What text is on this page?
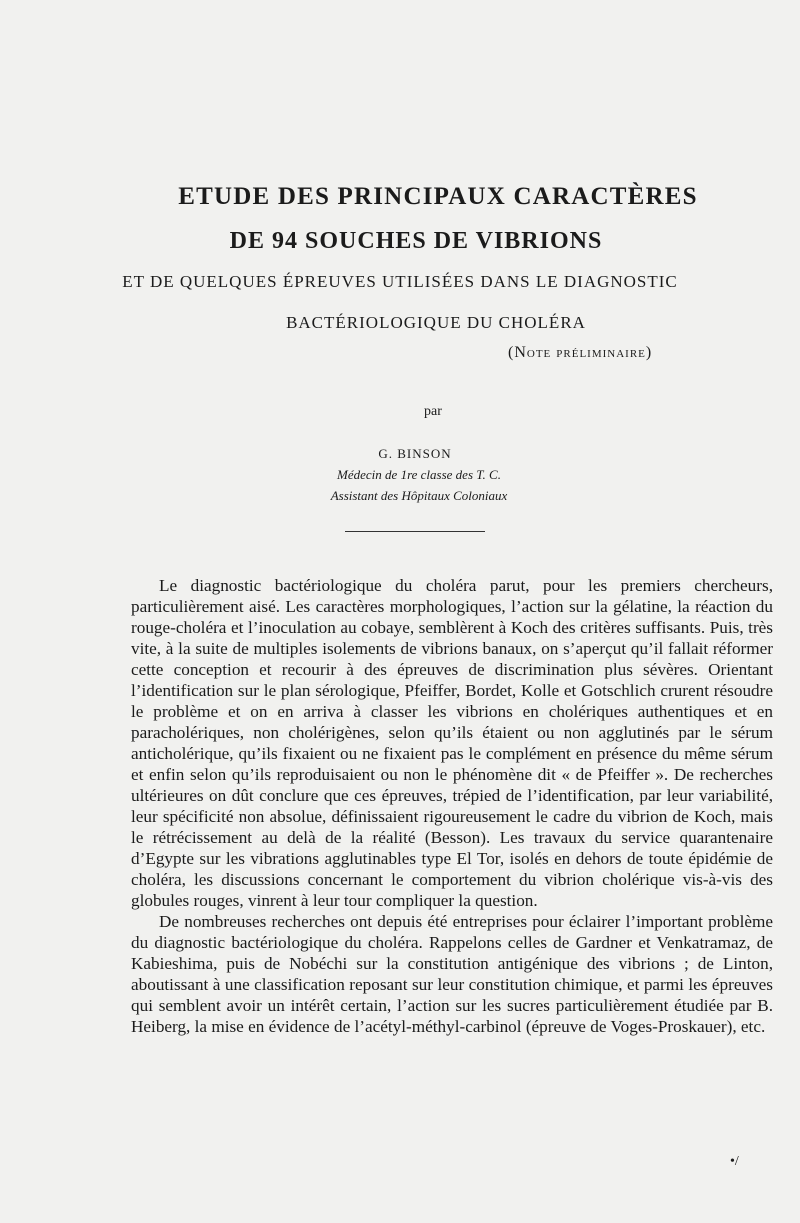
ETUDE DES PRINCIPAUX CARACTÈRES
DE 94 SOUCHES DE VIBRIONS
ET DE QUELQUES ÉPREUVES UTILISÉES DANS LE DIAGNOSTIC
BACTÉRIOLOGIQUE DU CHOLÉRA
(Note préliminaire)
par
G. BINSON
Médecin de 1re classe des T. C.
Assistant des Hôpitaux Coloniaux

Le diagnostic bactériologique du choléra parut, pour les premiers chercheurs, particulièrement aisé. Les caractères morphologiques, l’action sur la gélatine, la réaction du rouge-choléra et l’inoculation au cobaye, semblèrent à Koch des critères suffisants. Puis, très vite, à la suite de multiples isolements de vibrions banaux, on s’aperçut qu’il fallait réformer cette conception et recourir à des épreuves de discrimination plus sévères. Orientant l’identification sur le plan sérologique, Pfeiffer, Bordet, Kolle et Gotschlich crurent résoudre le problème et on en arriva à classer les vibrions en cholériques authentiques et en paracholériques, non cholérigènes, selon qu’ils étaient ou non agglutinés par le sérum anticholérique, qu’ils fixaient ou ne fixaient pas le complément en présence du même sérum et enfin selon qu’ils reproduisaient ou non le phénomène dit « de Pfeiffer ». De recherches ultérieures on dût conclure que ces épreuves, trépied de l’identification, par leur variabilité, leur spécificité non absolue, définissaient rigoureusement le cadre du vibrion de Koch, mais le rétrécissement au delà de la réalité (Besson). Les travaux du service quarantenaire d’Egypte sur les vibrations agglutinables type El Tor, isolés en dehors de toute épidémie de choléra, les discussions concernant le comportement du vibrion cholérique vis-à-vis des globules rouges, vinrent à leur tour compliquer la question.

De nombreuses recherches ont depuis été entreprises pour éclairer l’important problème du diagnostic bactériologique du choléra. Rappelons celles de Gardner et Venkatramaz, de Kabieshima, puis de Nobéchi sur la constitution antigénique des vibrions ; de Linton, aboutissant à une classification reposant sur leur constitution chimique, et parmi les épreuves qui semblent avoir un intérêt certain, l’action sur les sucres particulièrement étudiée par B. Heiberg, la mise en évidence de l’acétyl-méthyl-carbinol (épreuve de Voges-Proskauer), etc.

•/
